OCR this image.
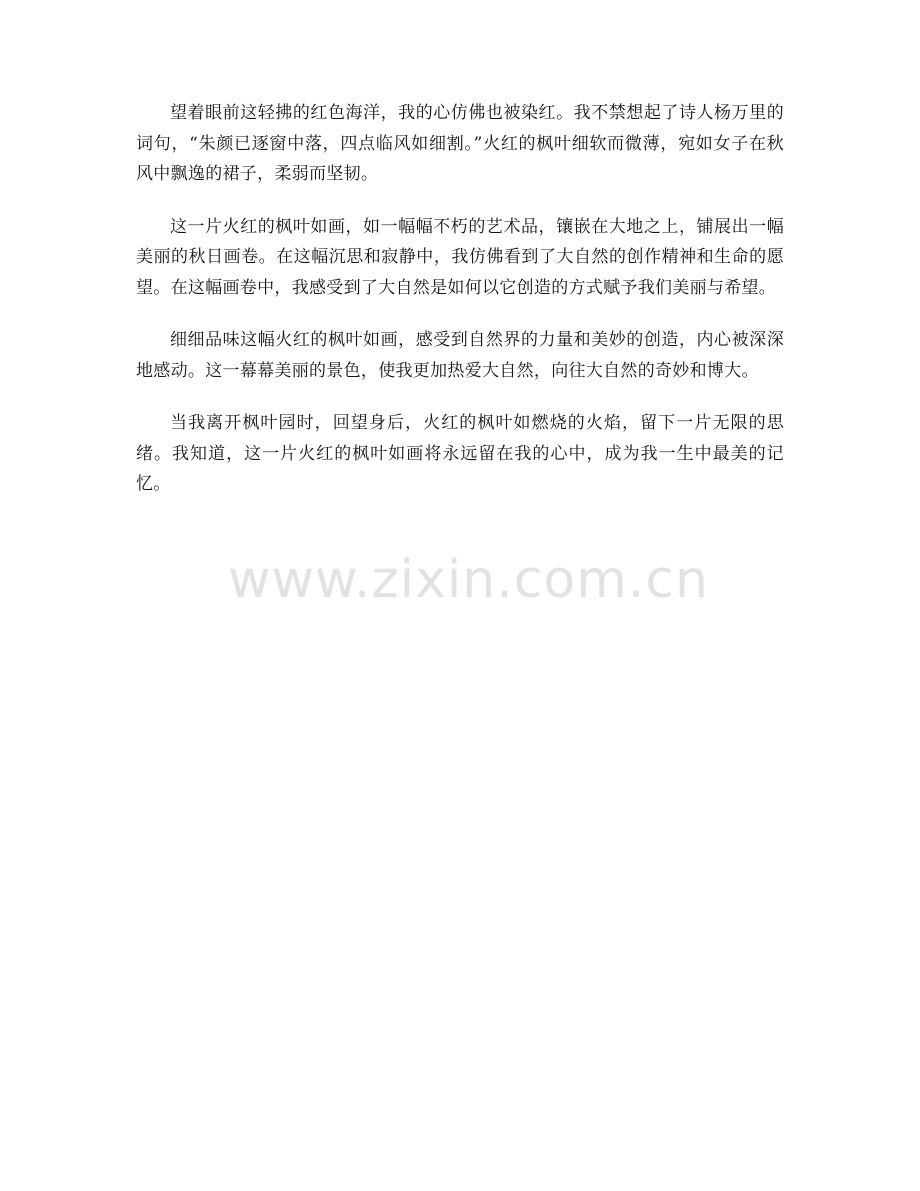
望着眼前这轻拂的红色海洋，我的心仿佛也被染红。我不禁想起了诗人杨万里的词句，“朱颜已逐窗中落，四点临风如细割。”火红的枫叶细软而微薄，宛如女子在秋风中飘逸的裙子，柔弱而坚韧。

这一片火红的枫叶如画，如一幅幅不朽的艺术品，镶嵌在大地之上，铺展出一幅美丽的秋日画卷。在这幅沉思和寂静中，我仿佛看到了大自然的创作精神和生命的愿望。在这幅画卷中，我感受到了大自然是如何以它创造的方式赋予我们美丽与希望。

细细品味这幅火红的枫叶如画，感受到自然界的力量和美妙的创造，内心被深深地感动。这一幕幕美丽的景色，使我更加热爱大自然，向往大自然的奇妙和博大。

当我离开枫叶园时，回望身后，火红的枫叶如燃烧的火焰，留下一片无限的思绪。我知道，这一片火红的枫叶如画将永远留在我的心中，成为我一生中最美的记忆。

www.zixin.com.cn
